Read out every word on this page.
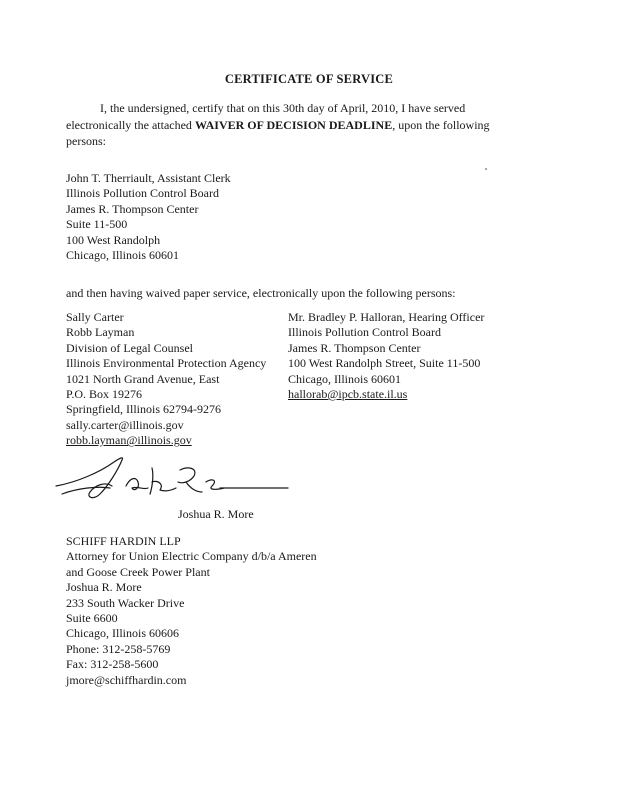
CERTIFICATE OF SERVICE
I, the undersigned, certify that on this 30th day of April, 2010, I have served electronically the attached WAIVER OF DECISION DEADLINE, upon the following persons:
John T. Therriault, Assistant Clerk
Illinois Pollution Control Board
James R. Thompson Center
Suite 11-500
100 West Randolph
Chicago, Illinois 60601
and then having waived paper service, electronically upon the following persons:
Sally Carter
Robb Layman
Division of Legal Counsel
Illinois Environmental Protection Agency
1021 North Grand Avenue, East
P.O. Box 19276
Springfield, Illinois 62794-9276
sally.carter@illinois.gov
robb.layman@illinois.gov
Mr. Bradley P. Halloran, Hearing Officer
Illinois Pollution Control Board
James R. Thompson Center
100 West Randolph Street, Suite 11-500
Chicago, Illinois 60601
hallorab@ipcb.state.il.us
Joshua R. More
SCHIFF HARDIN LLP
Attorney for Union Electric Company d/b/a Ameren
and Goose Creek Power Plant
Joshua R. More
233 South Wacker Drive
Suite 6600
Chicago, Illinois 60606
Phone: 312-258-5769
Fax: 312-258-5600
jmore@schiffhardin.com
